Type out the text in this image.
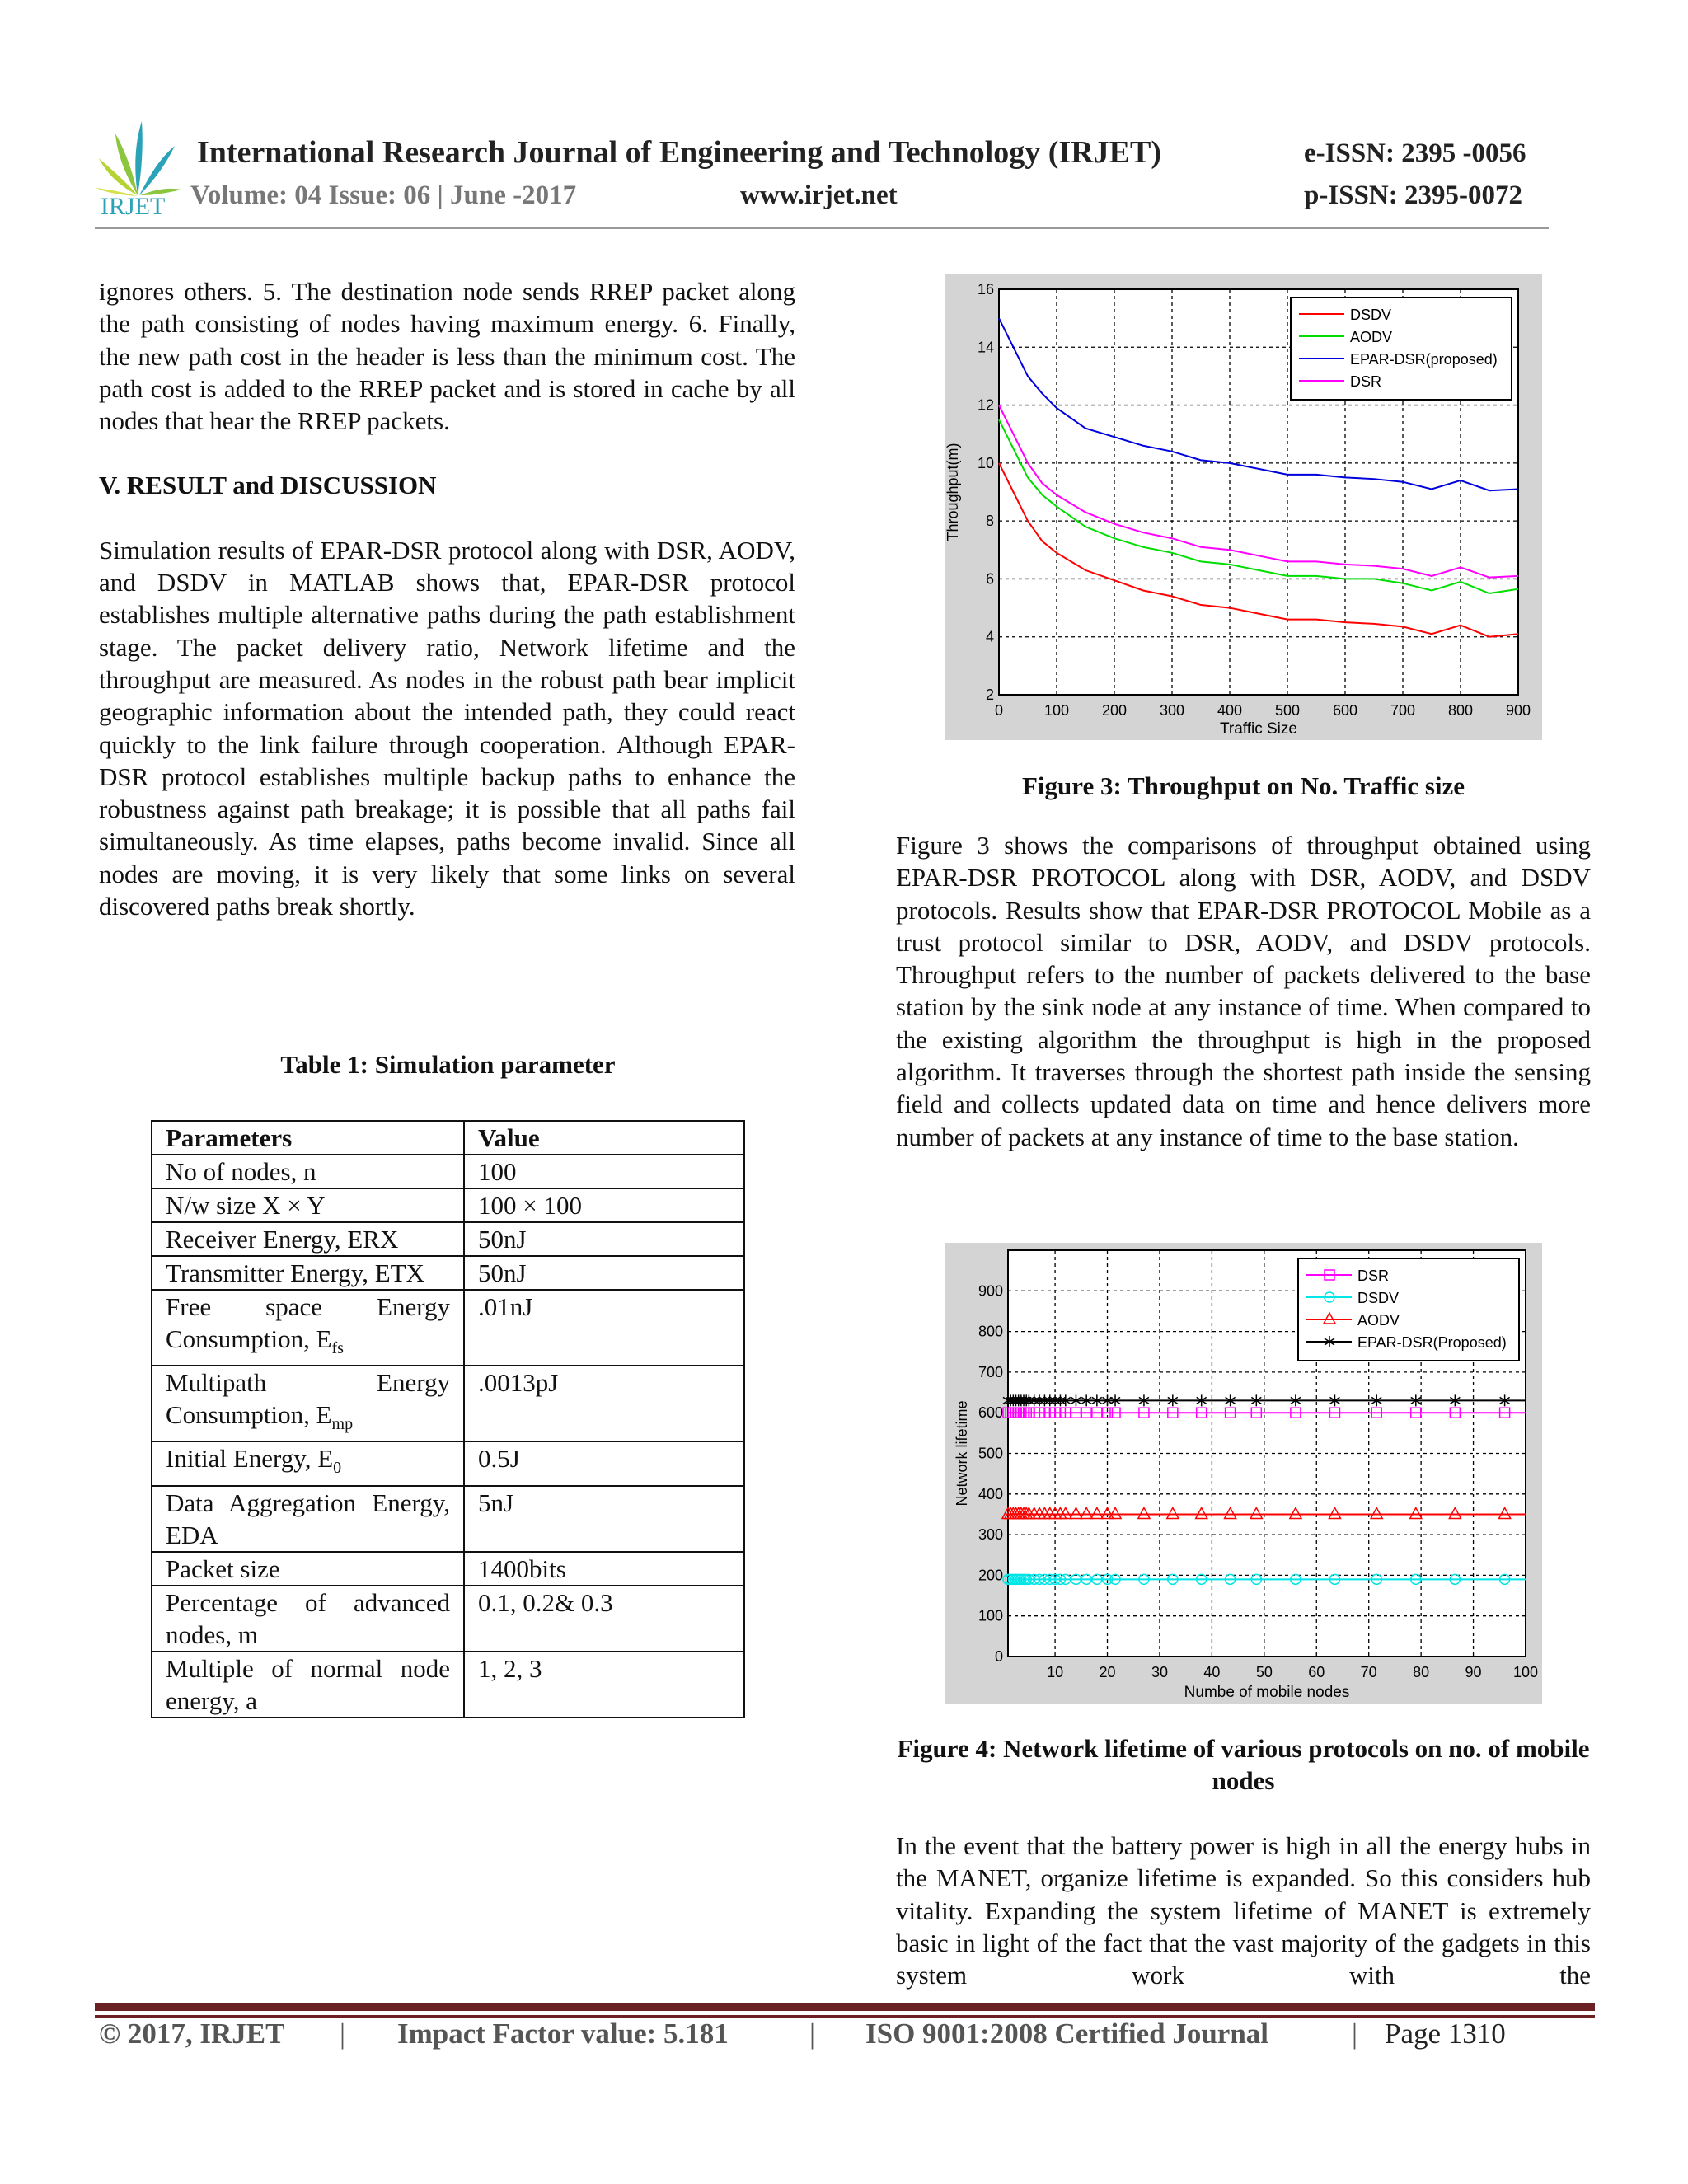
IRJET
International Research Journal of Engineering and Technology (IRJET)	e-ISSN: 2395 -0056
Volume: 04 Issue: 06 | June -2017	www.irjet.net	p-ISSN: 2395-0072

ignores others. 5. The destination node sends RREP packet along the path consisting of nodes having maximum energy. 6. Finally, the new path cost in the header is less than the minimum cost. The path cost is added to the RREP packet and is stored in cache by all nodes that hear the RREP packets.

V. RESULT and DISCUSSION

Simulation results of EPAR-DSR protocol along with DSR, AODV, and DSDV in MATLAB shows that, EPAR-DSR protocol establishes multiple alternative paths during the path establishment stage. The packet delivery ratio, Network lifetime and the throughput are measured. As nodes in the robust path bear implicit geographic information about the intended path, they could react quickly to the link failure through cooperation. Although EPAR-DSR protocol establishes multiple backup paths to enhance the robustness against path breakage; it is possible that all paths fail simultaneously. As time elapses, paths become invalid. Since all nodes are moving, it is very likely that some links on several discovered paths break shortly.

Table 1: Simulation parameter
Parameters	Value
No of nodes, n	100
N/w size X × Y	100 × 100
Receiver Energy, ERX	50nJ
Transmitter Energy, ETX	50nJ
Free space Energy Consumption, $E_{fs}$	.01nJ
Multipath Energy Consumption, $E_{mp}$	.0013pJ
Initial Energy, $E_0$	0.5J
Data Aggregation Energy, EDA	5nJ
Packet size	1400bits
Percentage of advanced nodes, m	0.1, 0.2& 0.3
Multiple of normal node energy, a	1, 2, 3
0	100 200 300 400 500 600 700 800 900
2
4
6
8
10
12
14
16
Traffic Size
Throughput(m)
DSDV
AODV
EPAR-DSR(proposed)
DSR
Figure 3: Throughput on No. Traffic size

Figure 3 shows the comparisons of throughput obtained using EPAR-DSR PROTOCOL along with DSR, AODV, and DSDV protocols. Results show that EPAR-DSR PROTOCOL Mobile as a trust protocol similar to DSR, AODV, and DSDV protocols. Throughput refers to the number of packets delivered to the base station by the sink node at any instance of time. When compared to the existing algorithm the throughput is high in the proposed algorithm. It traverses through the shortest path inside the sensing field and collects updated data on time and hence delivers more number of packets at any instance of time to the base station.

10 20 30 40 50 60 70 80 90 100
0
100
200
300
400
500
600
700
800
900
Numbe of mobile nodes
Network lifetime
DSR
DSDV
AODV
EPAR-DSR(Proposed)
Figure 4: Network lifetime of various protocols on no. of mobile nodes

In the event that the battery power is high in all the energy hubs in the MANET, organize lifetime is expanded. So this considers hub vitality. Expanding the system lifetime of MANET is extremely basic in light of the fact that the vast majority of the gadgets in this system work with the

© 2017, IRJET | Impact Factor value: 5.181	| ISO 9001:2008 Certified Journal	| Page 1310
